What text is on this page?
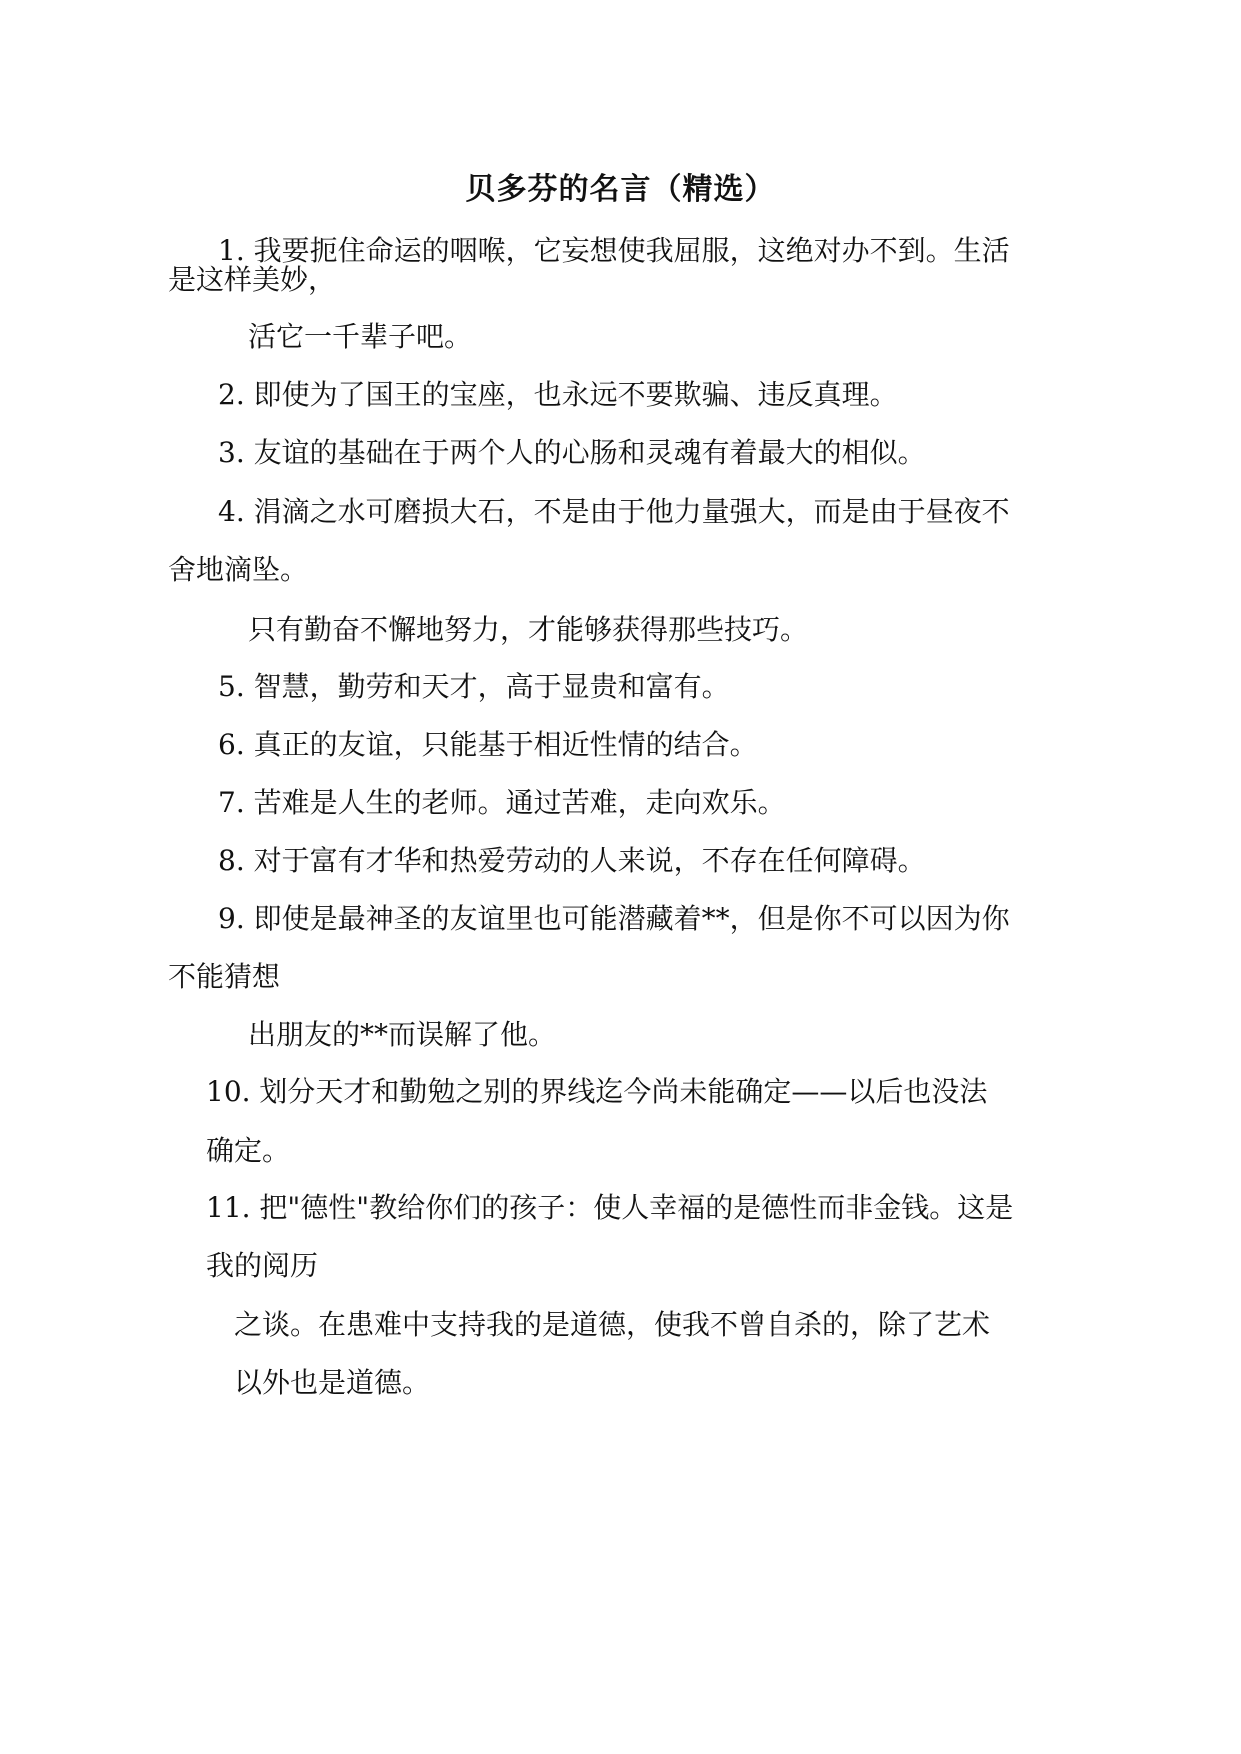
贝多芬的名言（精选）
1. 我要扼住命运的咽喉，它妄想使我屈服，这绝对办不到。生活
是这样美妙，
活它一千辈子吧。
2. 即使为了国王的宝座，也永远不要欺骗、违反真理。
3. 友谊的基础在于两个人的心肠和灵魂有着最大的相似。
4. 涓滴之水可磨损大石，不是由于他力量强大，而是由于昼夜不
舍地滴坠。
只有勤奋不懈地努力，才能够获得那些技巧。
5. 智慧，勤劳和天才，高于显贵和富有。
6. 真正的友谊，只能基于相近性情的结合。
7. 苦难是人生的老师。通过苦难，走向欢乐。
8. 对于富有才华和热爱劳动的人来说，不存在任何障碍。
9. 即使是最神圣的友谊里也可能潜藏着**，但是你不可以因为你
不能猜想
出朋友的**而误解了他。
10. 划分天才和勤勉之别的界线迄今尚未能确定——以后也没法
确定。
11. 把"德性"教给你们的孩子：使人幸福的是德性而非金钱。这是
我的阅历
之谈。在患难中支持我的是道德，使我不曾自杀的，除了艺术
以外也是道德。
